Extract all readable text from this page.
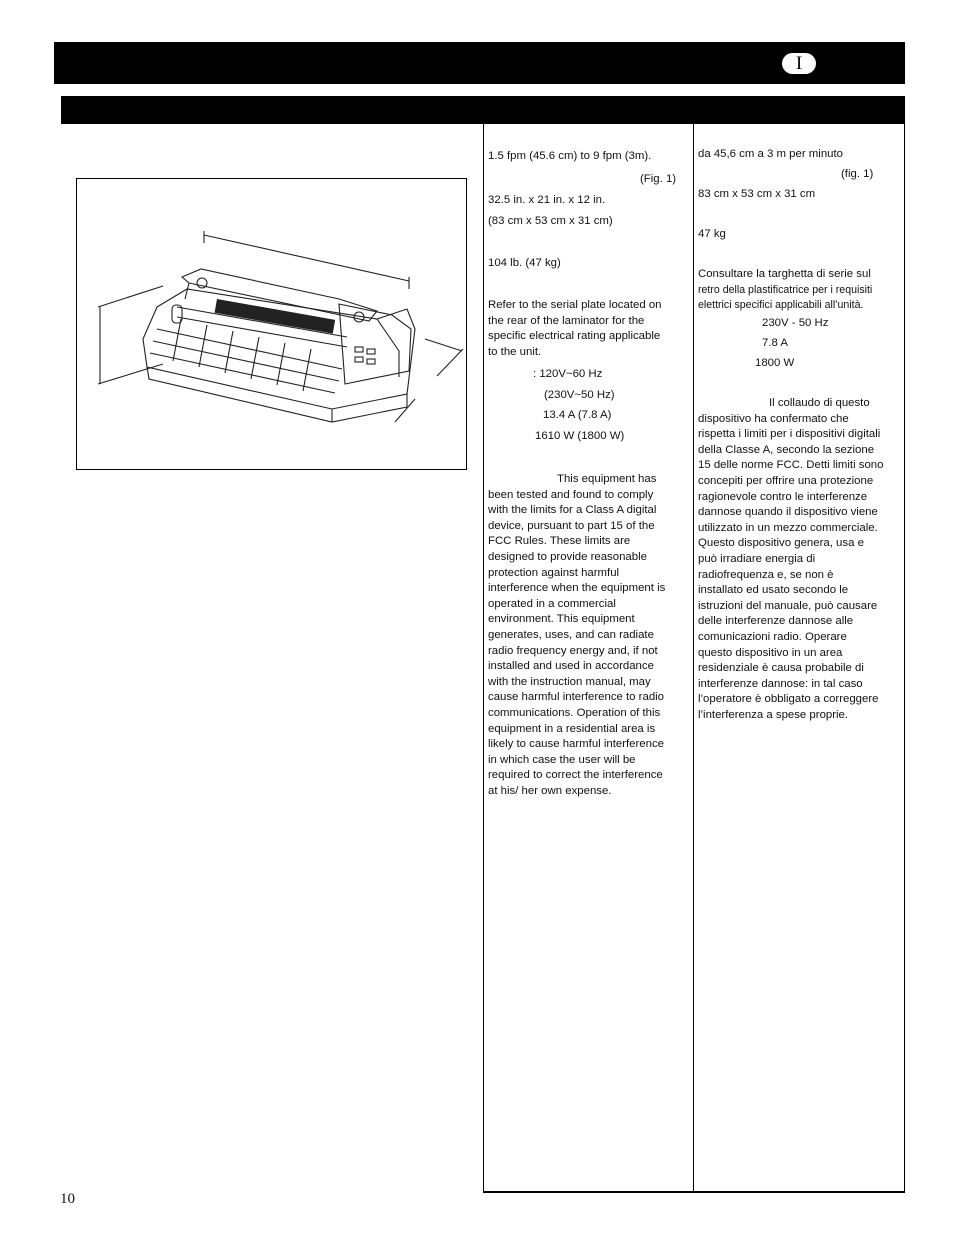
I
1.5 fpm (45.6 cm) to 9 fpm (3m).
(Fig. 1)
32.5 in. x 21 in. x 12 in.
(83 cm x 53 cm x 31 cm)
104 lb. (47 kg)
Refer to the serial plate located on
the rear of the laminator for the
specific electrical rating applicable
to the unit.
: 120V~60 Hz
(230V~50 Hz)
13.4 A (7.8 A)
1610 W (1800 W)
This equipment has
been tested and found to comply
with the limits for a Class A digital
device, pursuant to part 15 of the
FCC Rules. These limits are
designed to provide reasonable
protection against harmful
interference when the equipment is
operated in a commercial
environment. This equipment
generates, uses, and can radiate
radio frequency energy and, if not
installed and used in accordance
with the instruction manual, may
cause harmful interference to radio
communications. Operation of this
equipment in a residential area is
likely to cause harmful interference
in which case the user will be
required to correct the interference
at his/ her own expense.
da 45,6 cm a 3 m per minuto
(fig. 1)
83 cm x 53 cm x 31 cm
47 kg
Consultare la targhetta di serie sul
retro della plastificatrice per i requisiti
elettrici specifici applicabili all’unità.
230V - 50 Hz
7.8 A
1800 W
Il collaudo di questo
dispositivo ha confermato che
rispetta i limiti per i dispositivi digitali
della Classe A, secondo la sezione
15 delle norme FCC. Detti limiti sono
concepiti per offrire una protezione
ragionevole contro le interferenze
dannose quando il dispositivo viene
utilizzato in un mezzo commerciale.
Questo dispositivo genera, usa e
può irradiare energia di
radiofrequenza e, se non è
installato ed usato secondo le
istruzioni del manuale, può causare
delle interferenze dannose alle
comunicazioni radio. Operare
questo dispositivo in un area
residenziale è causa probabile di
interferenze dannose: in tal caso
l’operatore è obbligato a correggere
l’interferenza a spese proprie.
10
